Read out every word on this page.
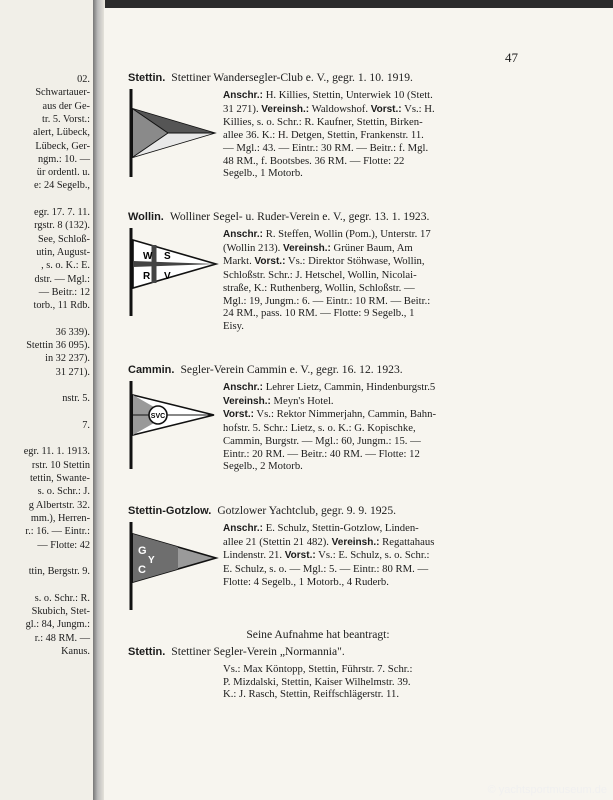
02.
Schwartauer-
aus der Ge-
tr. 5. Vorst.:
alert, Lübeck,
Lübeck, Ger-
ngm.: 10. —
ür ordentl. u.
e: 24 Segelb.,
egr. 17. 7. 11.
rgstr. 8 (132).
See, Schloß-
utin, August-
, s. o. K.: E.
dstr. — Mgl.:
— Beitr.: 12
torb., 11 Rdb.
36 339).
Stettin 36 095).
in 32 237).
31 271).
nstr. 5.
7.
egr. 11. 1. 1913.
rstr. 10 Stettin
tettin, Swante-
s. o. Schr.: J.
g Albertstr. 32.
mm.), Herren-
r.: 16. — Eintr.:
— Flotte: 42
ttin, Bergstr. 9.
s. o. Schr.: R.
Skubich, Stet-
gl.: 84, Jungm.:
r.: 48 RM. —
Kanus.
47
Stettin. Stettiner Wandersegler-Club e. V., gegr. 1. 10. 1919.
Anschr.: H. Killies, Stettin, Unterwiek 10 (Stett.
31 271). Vereinsh.: Waldowshof. Vorst.: Vs.: H.
Killies, s. o. Schr.: R. Kaufner, Stettin, Birken-
allee 36. K.: H. Detgen, Stettin, Frankenstr. 11.
— Mgl.: 43. — Eintr.: 30 RM. — Beitr.: f. Mgl.
48 RM., f. Bootsbes. 36 RM. — Flotte: 22
Segelb., 1 Motorb.
Wollin. Wolliner Segel- u. Ruder-Verein e. V., gegr. 13. 1. 1923.
W S
R V
Anschr.: R. Steffen, Wollin (Pom.), Unterstr. 17
(Wollin 213). Vereinsh.: Grüner Baum, Am
Markt. Vorst.: Vs.: Direktor Stöhwase, Wollin,
Schloßstr. Schr.: J. Hetschel, Wollin, Nicolai-
straße, K.: Ruthenberg, Wollin, Schloßstr. —
Mgl.: 19, Jungm.: 6. — Eintr.: 10 RM. — Beitr.:
24 RM., pass. 10 RM. — Flotte: 9 Segelb., 1
Eisy.
Cammin. Segler-Verein Cammin e. V., gegr. 16. 12. 1923.
SVC
Anschr.: Lehrer Lietz, Cammin, Hindenburgstr.5
Vereinsh.: Meyn's Hotel.
Vorst.: Vs.: Rektor Nimmerjahn, Cammin, Bahn-
hofstr. 5. Schr.: Lietz, s. o. K.: G. Kopischke,
Cammin, Burgstr. — Mgl.: 60, Jungm.: 15. —
Eintr.: 20 RM. — Beitr.: 40 RM. — Flotte: 12
Segelb., 2 Motorb.
Stettin-Gotzlow. Gotzlower Yachtclub, gegr. 9. 9. 1925.
G
Y
C
Anschr.: E. Schulz, Stettin-Gotzlow, Linden-
allee 21 (Stettin 21 482). Vereinsh.: Regattahaus
Lindenstr. 21. Vorst.: Vs.: E. Schulz, s. o. Schr.:
E. Schulz, s. o. — Mgl.: 5. — Eintr.: 80 RM. —
Flotte: 4 Segelb., 1 Motorb., 4 Ruderb.
Seine Aufnahme hat beantragt:
Stettin. Stettiner Segler-Verein „Normannia".
Vs.: Max Köntopp, Stettin, Führstr. 7. Schr.:
P. Mizdalski, Stettin, Kaiser Wilhelmstr. 39.
K.: J. Rasch, Stettin, Reiffschlägerstr. 11.
© yachtsportmuseum.de
